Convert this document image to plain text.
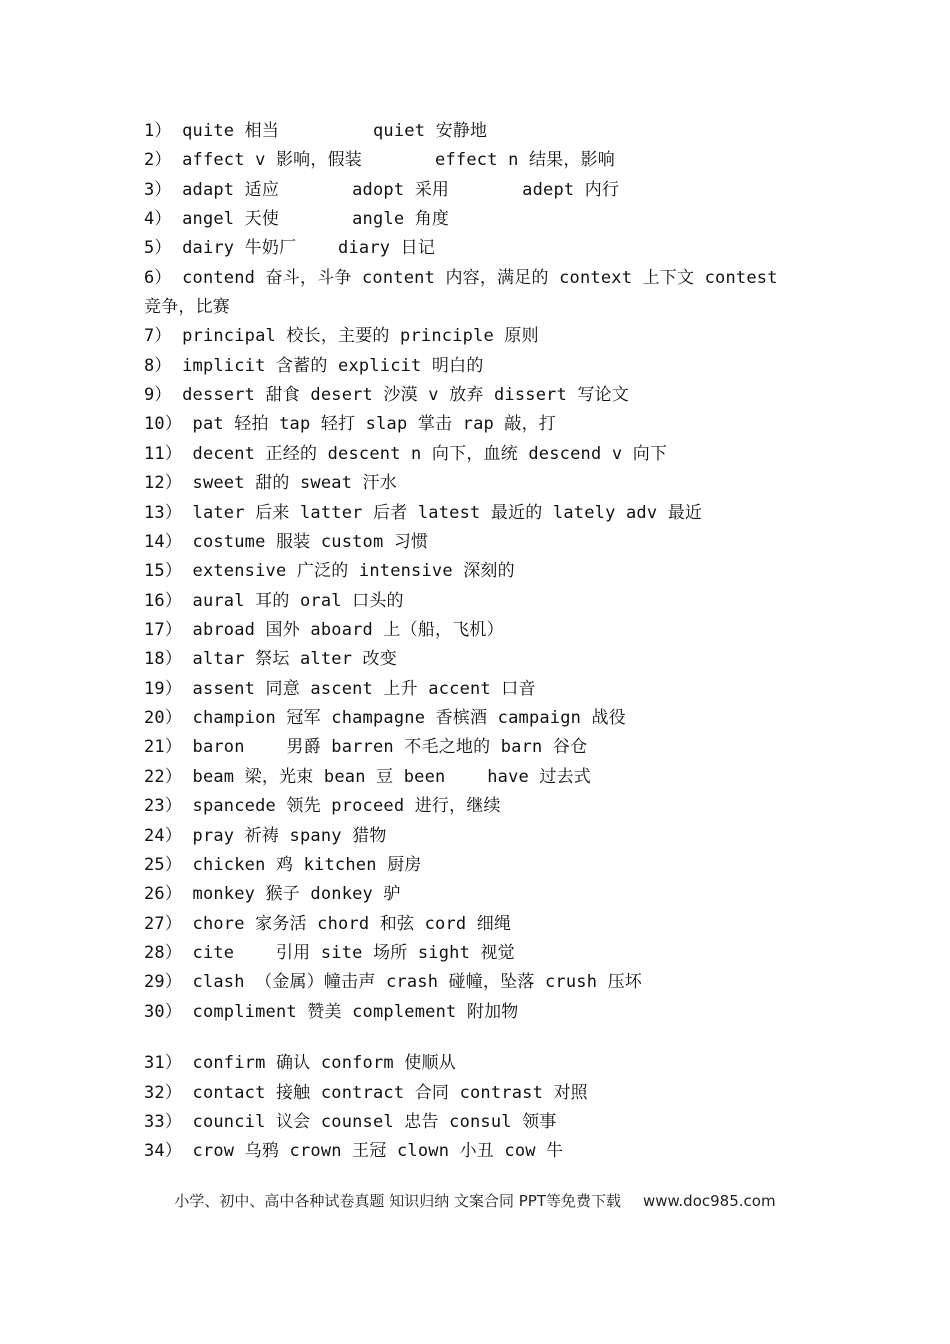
1） quite 相当         quiet 安静地
2） affect v 影响，假装       effect n 结果，影响
3） adapt 适应       adopt 采用       adept 内行
4） angel 天使       angle 角度
5） dairy 牛奶厂    diary 日记
6） contend 奋斗，斗争 content 内容，满足的 context 上下文 contest 竞争，比赛
7） principal 校长，主要的 principle 原则
8） implicit 含蓄的 explicit 明白的
9） dessert 甜食 desert 沙漠 v 放弃 dissert 写论文
10） pat 轻拍 tap 轻打 slap 掌击 rap 敲，打
11） decent 正经的 descent n 向下，血统 descend v 向下
12） sweet 甜的 sweat 汗水
13） later 后来 latter 后者 latest 最近的 lately adv 最近
14） costume 服装 custom 习惯
15） extensive 广泛的 intensive 深刻的
16） aural 耳的 oral 口头的
17） abroad 国外 aboard 上（船，飞机）
18） altar 祭坛 alter 改变
19） assent 同意 ascent 上升 accent 口音
20） champion 冠军 champagne 香槟酒 campaign 战役
21） baron    男爵 barren 不毛之地的 barn 谷仓
22） beam 梁，光束 bean 豆 been    have 过去式
23） spancede 领先 proceed 进行，继续
24） pray 祈祷 spany 猎物
25） chicken 鸡 kitchen 厨房
26） monkey 猴子 donkey 驴
27） chore 家务活 chord 和弦 cord 细绳
28） cite    引用 site 场所 sight 视觉
29） clash （金属）幢击声 crash 碰幢，坠落 crush 压坏
30） compliment 赞美 complement 附加物
31） confirm 确认 conform 使顺从
32） contact 接触 contract 合同 contrast 对照
33） council 议会 counsel 忠告 consul 领事
34） crow 乌鸦 crown 王冠 clown 小丑 cow 牛
小学、初中、高中各种试卷真题 知识归纳 文案合同 PPT等免费下载 www.doc985.com
